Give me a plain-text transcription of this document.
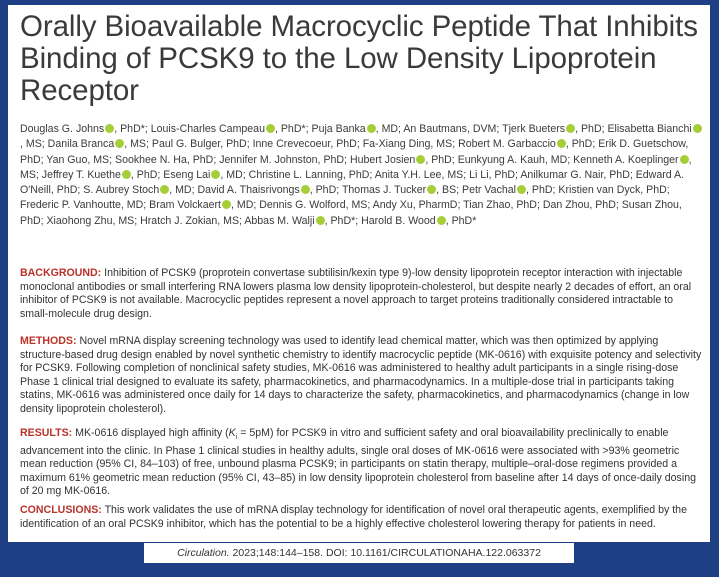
Orally Bioavailable Macrocyclic Peptide That Inhibits Binding of PCSK9 to the Low Density Lipoprotein Receptor
Douglas G. Johns , PhD*; Louis-Charles Campeau , PhD*; Puja Banka , MD; An Bautmans, DVM; Tjerk Bueters , PhD; Elisabetta Bianchi, MS; Danila Branca , MS; Paul G. Bulger, PhD; Inne Crevecoeur, PhD; Fa-Xiang Ding, MS; Robert M. Garbaccio , PhD; Erik D. Guetschow, PhD; Yan Guo, MS; Sookhee N. Ha, PhD; Jennifer M. Johnston, PhD; Hubert Josien , PhD; Eunkyung A. Kauh, MD; Kenneth A. Koeplinger , MS; Jeffrey T. Kuethe , PhD; Eseng Lai , MD; Christine L. Lanning, PhD; Anita Y.H. Lee, MS; Li Li, PhD; Anilkumar G. Nair, PhD; Edward A. O'Neill, PhD; S. Aubrey Stoch , MD; David A. Thaisrivongs , PhD; Thomas J. Tucker , BS; Petr Vachal , PhD; Kristien van Dyck, PhD; Frederic P. Vanhoutte, MD; Bram Volckaert , MD; Dennis G. Wolford, MS; Andy Xu, PharmD; Tian Zhao, PhD; Dan Zhou, PhD; Susan Zhou, PhD; Xiaohong Zhu, MS; Hratch J. Zokian, MS; Abbas M. Walji , PhD*; Harold B. Wood , PhD*
BACKGROUND: Inhibition of PCSK9 (proprotein convertase subtilisin/kexin type 9)-low density lipoprotein receptor interaction with injectable monoclonal antibodies or small interfering RNA lowers plasma low density lipoprotein-cholesterol, but despite nearly 2 decades of effort, an oral inhibitor of PCSK9 is not available. Macrocyclic peptides represent a novel approach to target proteins traditionally considered intractable to small-molecule drug design.
METHODS: Novel mRNA display screening technology was used to identify lead chemical matter, which was then optimized by applying structure-based drug design enabled by novel synthetic chemistry to identify macrocyclic peptide (MK-0616) with exquisite potency and selectivity for PCSK9. Following completion of nonclinical safety studies, MK-0616 was administered to healthy adult participants in a single rising-dose Phase 1 clinical trial designed to evaluate its safety, pharmacokinetics, and pharmacodynamics. In a multiple-dose trial in participants taking statins, MK-0616 was administered once daily for 14 days to characterize the safety, pharmacokinetics, and pharmacodynamics (change in low density lipoprotein cholesterol).
RESULTS: MK-0616 displayed high affinity $(K_i = 5pM)$ for PCSK9 in vitro and sufficient safety and oral bioavailability preclinically to enable advancement into the clinic. In Phase 1 clinical studies in healthy adults, single oral doses of MK-0616 were associated with >93% geometric mean reduction (95% CI, 84–103) of free, unbound plasma PCSK9; in participants on statin therapy, multiple–oral-dose regimens provided a maximum 61% geometric mean reduction (95% CI, 43–85) in low density lipoprotein cholesterol from baseline after 14 days of once-daily dosing of 20 mg MK-0616.
CONCLUSIONS: This work validates the use of mRNA display technology for identification of novel oral therapeutic agents, exemplified by the identification of an oral PCSK9 inhibitor, which has the potential to be a highly effective cholesterol lowering therapy for patients in need.
Circulation. 2023;148:144–158. DOI: 10.1161/CIRCULATIONAHA.122.063372
